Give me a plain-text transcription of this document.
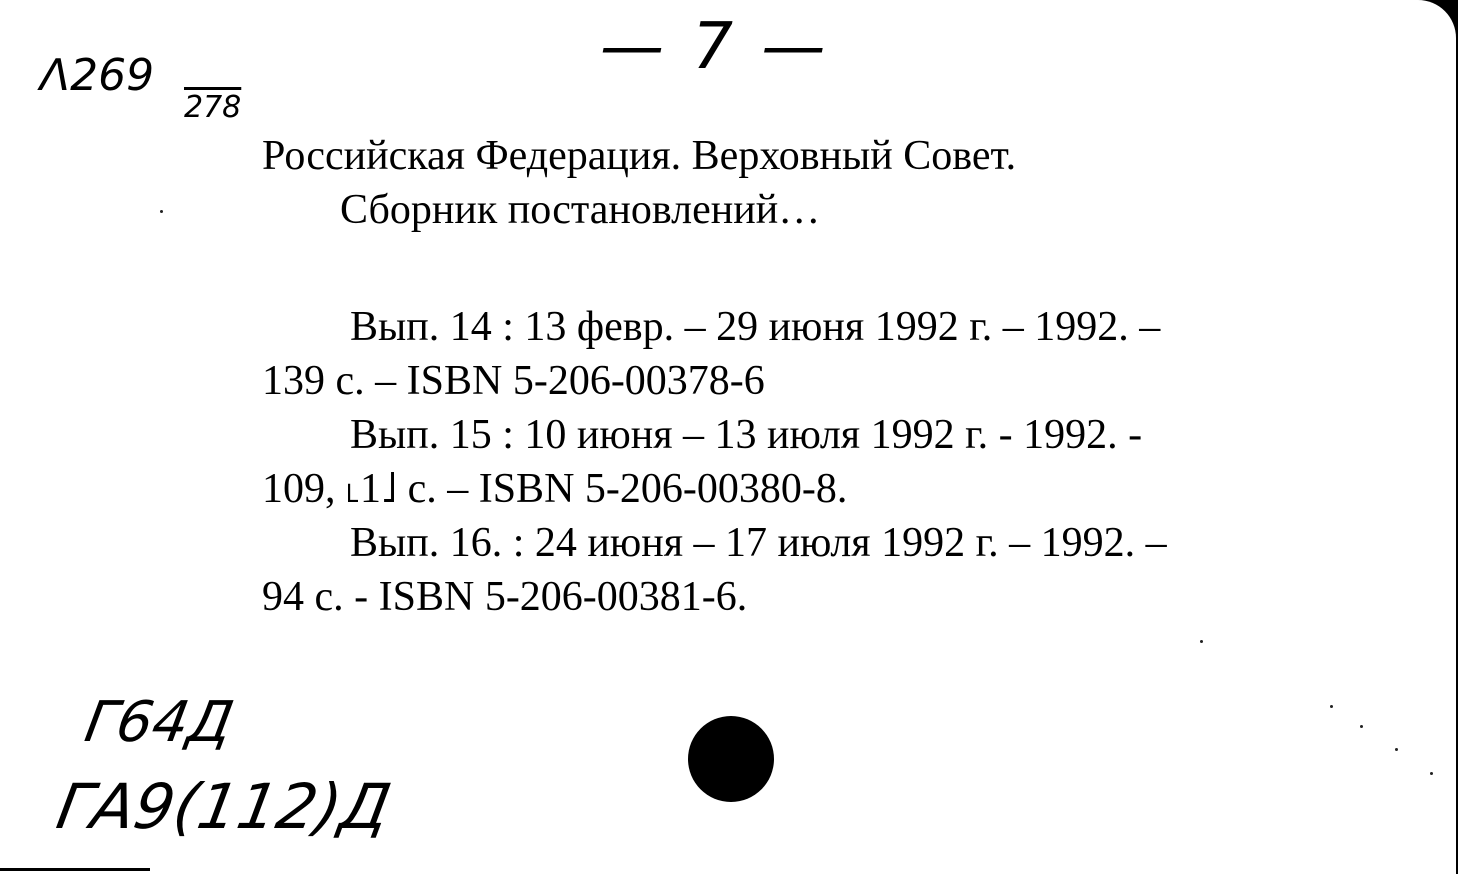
— 7 —
Λ269
278
Российская Федерация. Верховный Совет.
Сборник постановлений…
Вып. 14 : 13 февр. – 29 июня 1992 г. – 1992. –
139 с. – ISBN 5-206-00378-6
Вып. 15 : 10 июня – 13 июля 1992 г. - 1992. -
109, ˪1˩ с. – ISBN 5-206-00380-8.
Вып. 16. : 24 июня – 17 июля 1992 г. – 1992. –
94 с. - ISBN 5-206-00381-6.
Г64Д
ГА9(112)Д
